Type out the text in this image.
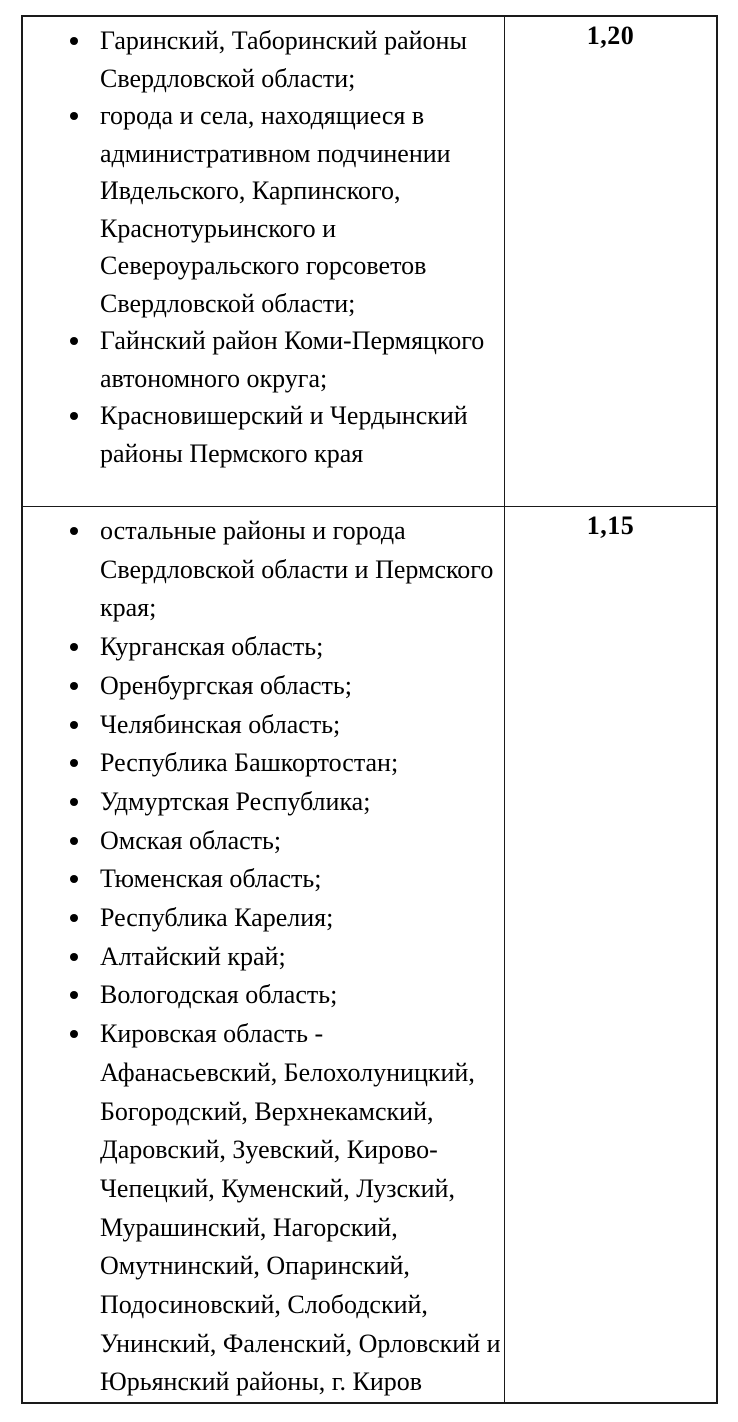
Гаринский, Таборинский районы Свердловской области;
города и села, находящиеся в административном подчинении Ивдельского, Карпинского, Краснотурьинского и Североуральского горсоветов Свердловской области;
Гайнский район Коми-Пермяцкого автономного округа;
Красновишерский и Чердынский районы Пермского края
1,20
остальные районы и города Свердловской области и Пермского края;
Курганская область;
Оренбургская область;
Челябинская область;
Республика Башкортостан;
Удмуртская Республика;
Омская область;
Тюменская область;
Республика Карелия;
Алтайский край;
Вологодская область;
Кировская область - Афанасьевский, Белохолуницкий, Богородский, Верхнекамский, Даровский, Зуевский, Кирово-Чепецкий, Куменский, Лузский, Мурашинский, Нагорский, Омутнинский, Опаринский, Подосиновский, Слободский, Унинский, Фаленский, Орловский и Юрьянский районы, г. Киров
1,15
